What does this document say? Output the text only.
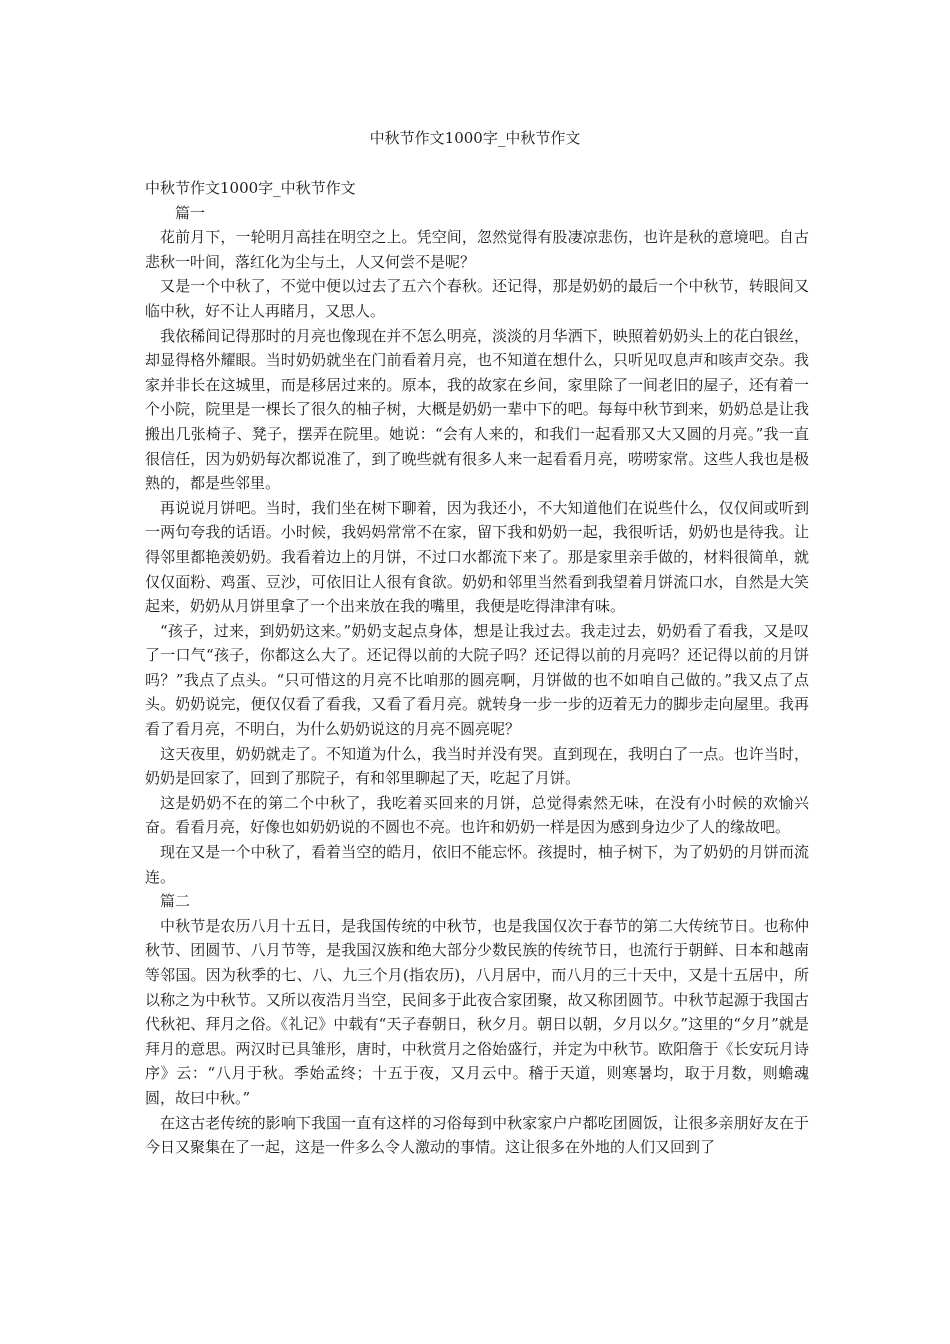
中秋节作文1000字_中秋节作文

中秋节作文1000字_中秋节作文

篇一

花前月下，一轮明月高挂在明空之上。凭空间，忽然觉得有股凄凉悲伤，也许是秋的意境吧。自古悲秋一叶间，落红化为尘与土，人又何尝不是呢？

又是一个中秋了，不觉中便以过去了五六个春秋。还记得，那是奶奶的最后一个中秋节，转眼间又临中秋，好不让人再睹月，又思人。

我依稀间记得那时的月亮也像现在并不怎么明亮，淡淡的月华洒下，映照着奶奶头上的花白银丝，却显得格外耀眼。当时奶奶就坐在门前看着月亮，也不知道在想什么，只听见叹息声和咳声交杂。我家并非长在这城里，而是移居过来的。原本，我的故家在乡间，家里除了一间老旧的屋子，还有着一个小院，院里是一棵长了很久的柚子树，大概是奶奶一辈中下的吧。每每中秋节到来，奶奶总是让我搬出几张椅子、凳子，摆弄在院里。她说：“会有人来的，和我们一起看那又大又圆的月亮。”我一直很信任，因为奶奶每次都说准了，到了晚些就有很多人来一起看看月亮，唠唠家常。这些人我也是极熟的，都是些邻里。

再说说月饼吧。当时，我们坐在树下聊着，因为我还小，不大知道他们在说些什么，仅仅间或听到一两句夸我的话语。小时候，我妈妈常常不在家，留下我和奶奶一起，我很听话，奶奶也是待我。让得邻里都艳羡奶奶。我看着边上的月饼，不过口水都流下来了。那是家里亲手做的，材料很简单，就仅仅面粉、鸡蛋、豆沙，可依旧让人很有食欲。奶奶和邻里当然看到我望着月饼流口水，自然是大笑起来，奶奶从月饼里拿了一个出来放在我的嘴里，我便是吃得津津有味。

“孩子，过来，到奶奶这来。”奶奶支起点身体，想是让我过去。我走过去，奶奶看了看我，又是叹了一口气“孩子，你都这么大了。还记得以前的大院子吗？还记得以前的月亮吗？还记得以前的月饼吗？”我点了点头。“只可惜这的月亮不比咱那的圆亮啊，月饼做的也不如咱自己做的。”我又点了点头。奶奶说完，便仅仅看了看我，又看了看月亮。就转身一步一步的迈着无力的脚步走向屋里。我再看了看月亮，不明白，为什么奶奶说这的月亮不圆亮呢？

这天夜里，奶奶就走了。不知道为什么，我当时并没有哭。直到现在，我明白了一点。也许当时，奶奶是回家了，回到了那院子，有和邻里聊起了天，吃起了月饼。

这是奶奶不在的第二个中秋了，我吃着买回来的月饼，总觉得索然无味，在没有小时候的欢愉兴奋。看看月亮，好像也如奶奶说的不圆也不亮。也许和奶奶一样是因为感到身边少了人的缘故吧。

现在又是一个中秋了，看着当空的皓月，依旧不能忘怀。孩提时，柚子树下，为了奶奶的月饼而流连。

篇二

中秋节是农历八月十五日，是我国传统的中秋节，也是我国仅次于春节的第二大传统节日。也称仲秋节、团圆节、八月节等，是我国汉族和绝大部分少数民族的传统节日，也流行于朝鲜、日本和越南等邻国。因为秋季的七、八、九三个月(指农历)，八月居中，而八月的三十天中，又是十五居中，所以称之为中秋节。又所以夜浩月当空，民间多于此夜合家团聚，故又称团圆节。中秋节起源于我国古代秋祀、拜月之俗。《礼记》中载有“天子春朝日，秋夕月。朝日以朝，夕月以夕。”这里的“夕月”就是拜月的意思。两汉时已具雏形，唐时，中秋赏月之俗始盛行，并定为中秋节。欧阳詹于《长安玩月诗序》云：“八月于秋。季始孟终；十五于夜，又月云中。稽于天道，则寒暑均，取于月数，则蟾魂圆，故曰中秋。”

在这古老传统的影响下我国一直有这样的习俗每到中秋家家户户都吃团圆饭，让很多亲朋好友在于今日又聚集在了一起，这是一件多么令人激动的事情。这让很多在外地的人们又回到了
